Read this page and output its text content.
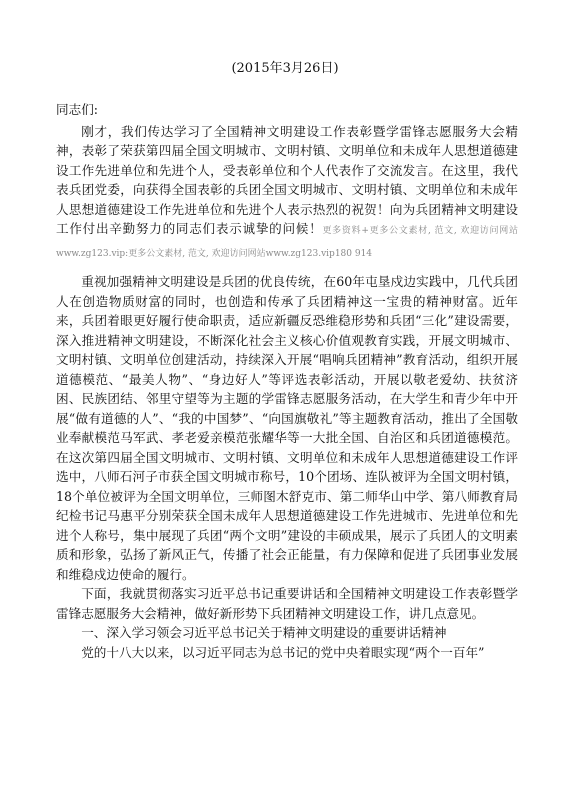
(2015年3月26日)

同志们:

刚才，我们传达学习了全国精神文明建设工作表彰暨学雷锋志愿服务大会精神，表彰了荣获第四届全国文明城市、文明村镇、文明单位和未成年人思想道德建设工作先进单位和先进个人，受表彰单位和个人代表作了交流发言。在这里，我代表兵团党委，向获得全国表彰的兵团全国文明城市、文明村镇、文明单位和未成年人思想道德建设工作先进单位和先进个人表示热烈的祝贺！向为兵团精神文明建设工作付出辛勤努力的同志们表示诚挚的问候！更多资料+更多公文素材, 范文, 欢迎访问网站www.zg123.vip:更多公文素材, 范文, 欢迎访问网站www.zg123.vip180 914

重视加强精神文明建设是兵团的优良传统，在60年屯垦戍边实践中，几代兵团人在创造物质财富的同时，也创造和传承了兵团精神这一宝贵的精神财富。近年来，兵团着眼更好履行使命职责，适应新疆反恐维稳形势和兵团“三化”建设需要，深入推进精神文明建设，不断深化社会主义核心价值观教育实践，开展文明城市、文明村镇、文明单位创建活动，持续深入开展“唱响兵团精神”教育活动，组织开展道德模范、“最美人物”、“身边好人”等评选表彰活动，开展以敬老爱幼、扶贫济困、民族团结、邻里守望等为主题的学雷锋志愿服务活动，在大学生和青少年中开展“做有道德的人”、“我的中国梦”、“向国旗敬礼”等主题教育活动，推出了全国敬业奉献模范马军武、孝老爱亲模范张耀华等一大批全国、自治区和兵团道德模范。在这次第四届全国文明城市、文明村镇、文明单位和未成年人思想道德建设工作评选中，八师石河子市获全国文明城市称号，10个团场、连队被评为全国文明村镇，18个单位被评为全国文明单位，三师图木舒克市、第二师华山中学、第八师教育局纪检书记马惠平分别荣获全国未成年人思想道德建设工作先进城市、先进单位和先进个人称号，集中展现了兵团“两个文明”建设的丰硕成果，展示了兵团人的文明素质和形象，弘扬了新风正气，传播了社会正能量，有力保障和促进了兵团事业发展和维稳戍边使命的履行。

下面，我就贯彻落实习近平总书记重要讲话和全国精神文明建设工作表彰暨学雷锋志愿服务大会精神，做好新形势下兵团精神文明建设工作，讲几点意见。

一、深入学习领会习近平总书记关于精神文明建设的重要讲话精神

党的十八大以来，以习近平同志为总书记的党中央着眼实现“两个一百年”
